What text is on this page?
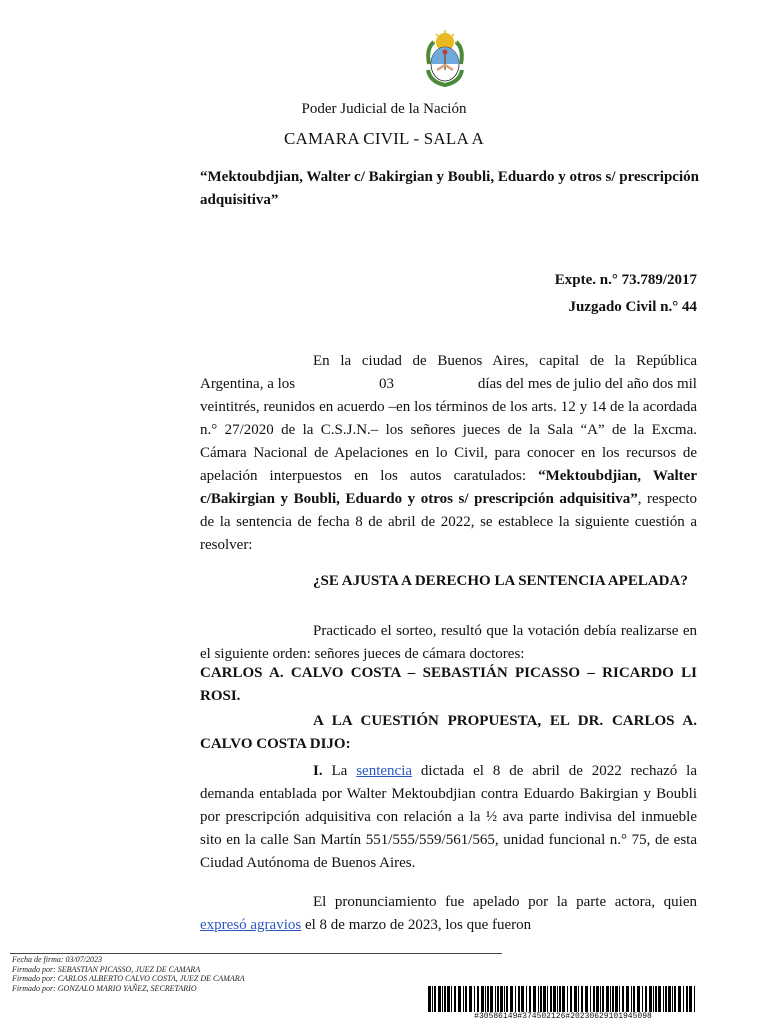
Poder Judicial de la Nación
CAMARA CIVIL - SALA A
“Mektoubdjian, Walter c/ Bakirgian y Boubli, Eduardo y otros s/ prescripción adquisitiva”
Expte. n.° 73.789/2017
Juzgado Civil n.° 44

En la ciudad de Buenos Aires, capital de la República

Argentina, a los	03	días del mes de julio del año dos mil
veintitrés, reunidos en acuerdo –en los términos de los arts. 12 y 14 de la acordada n.° 27/2020 de la C.S.J.N.– los señores jueces de la Sala “A” de la Excma. Cámara Nacional de Apelaciones en lo Civil, para conocer en los recursos de apelación interpuestos en los autos caratulados: “Mektoubdjian, Walter c/Bakirgian y Boubli, Eduardo y otros s/ prescripción adquisitiva”, respecto de la sentencia de fecha 8 de abril de 2022, se establece la siguiente cuestión a resolver:

¿SE AJUSTA A DERECHO LA SENTENCIA APELADA?

Practicado el sorteo, resultó que la votación debía realizarse en el siguiente orden: señores jueces de cámara doctores:

CARLOS A. CALVO COSTA – SEBASTIÁN PICASSO – RICARDO LI ROSI.

A LA CUESTIÓN PROPUESTA, EL DR. CARLOS A. CALVO COSTA DIJO:

I. La sentencia dictada el 8 de abril de 2022 rechazó la demanda entablada por Walter Mektoubdjian contra Eduardo Bakirgian y Boubli por prescripción adquisitiva con relación a la ½ ava parte indivisa del inmueble sito en la calle San Martín 551/555/559/561/565, unidad funcional n.° 75, de esta Ciudad Autónoma de Buenos Aires.

El pronunciamiento fue apelado por la parte actora, quien expresó agravios el 8 de marzo de 2023, los que fueron

Fecha de firma: 03/07/2023
Firmado por: SEBASTIAN PICASSO, JUEZ DE CAMARA
Firmado por: CARLOS ALBERTO CALVO COSTA, JUEZ DE CAMARA
Firmado por: GONZALO MARIO YAÑEZ, SECRETARIO
#30586149#374502126#20230629101945098
